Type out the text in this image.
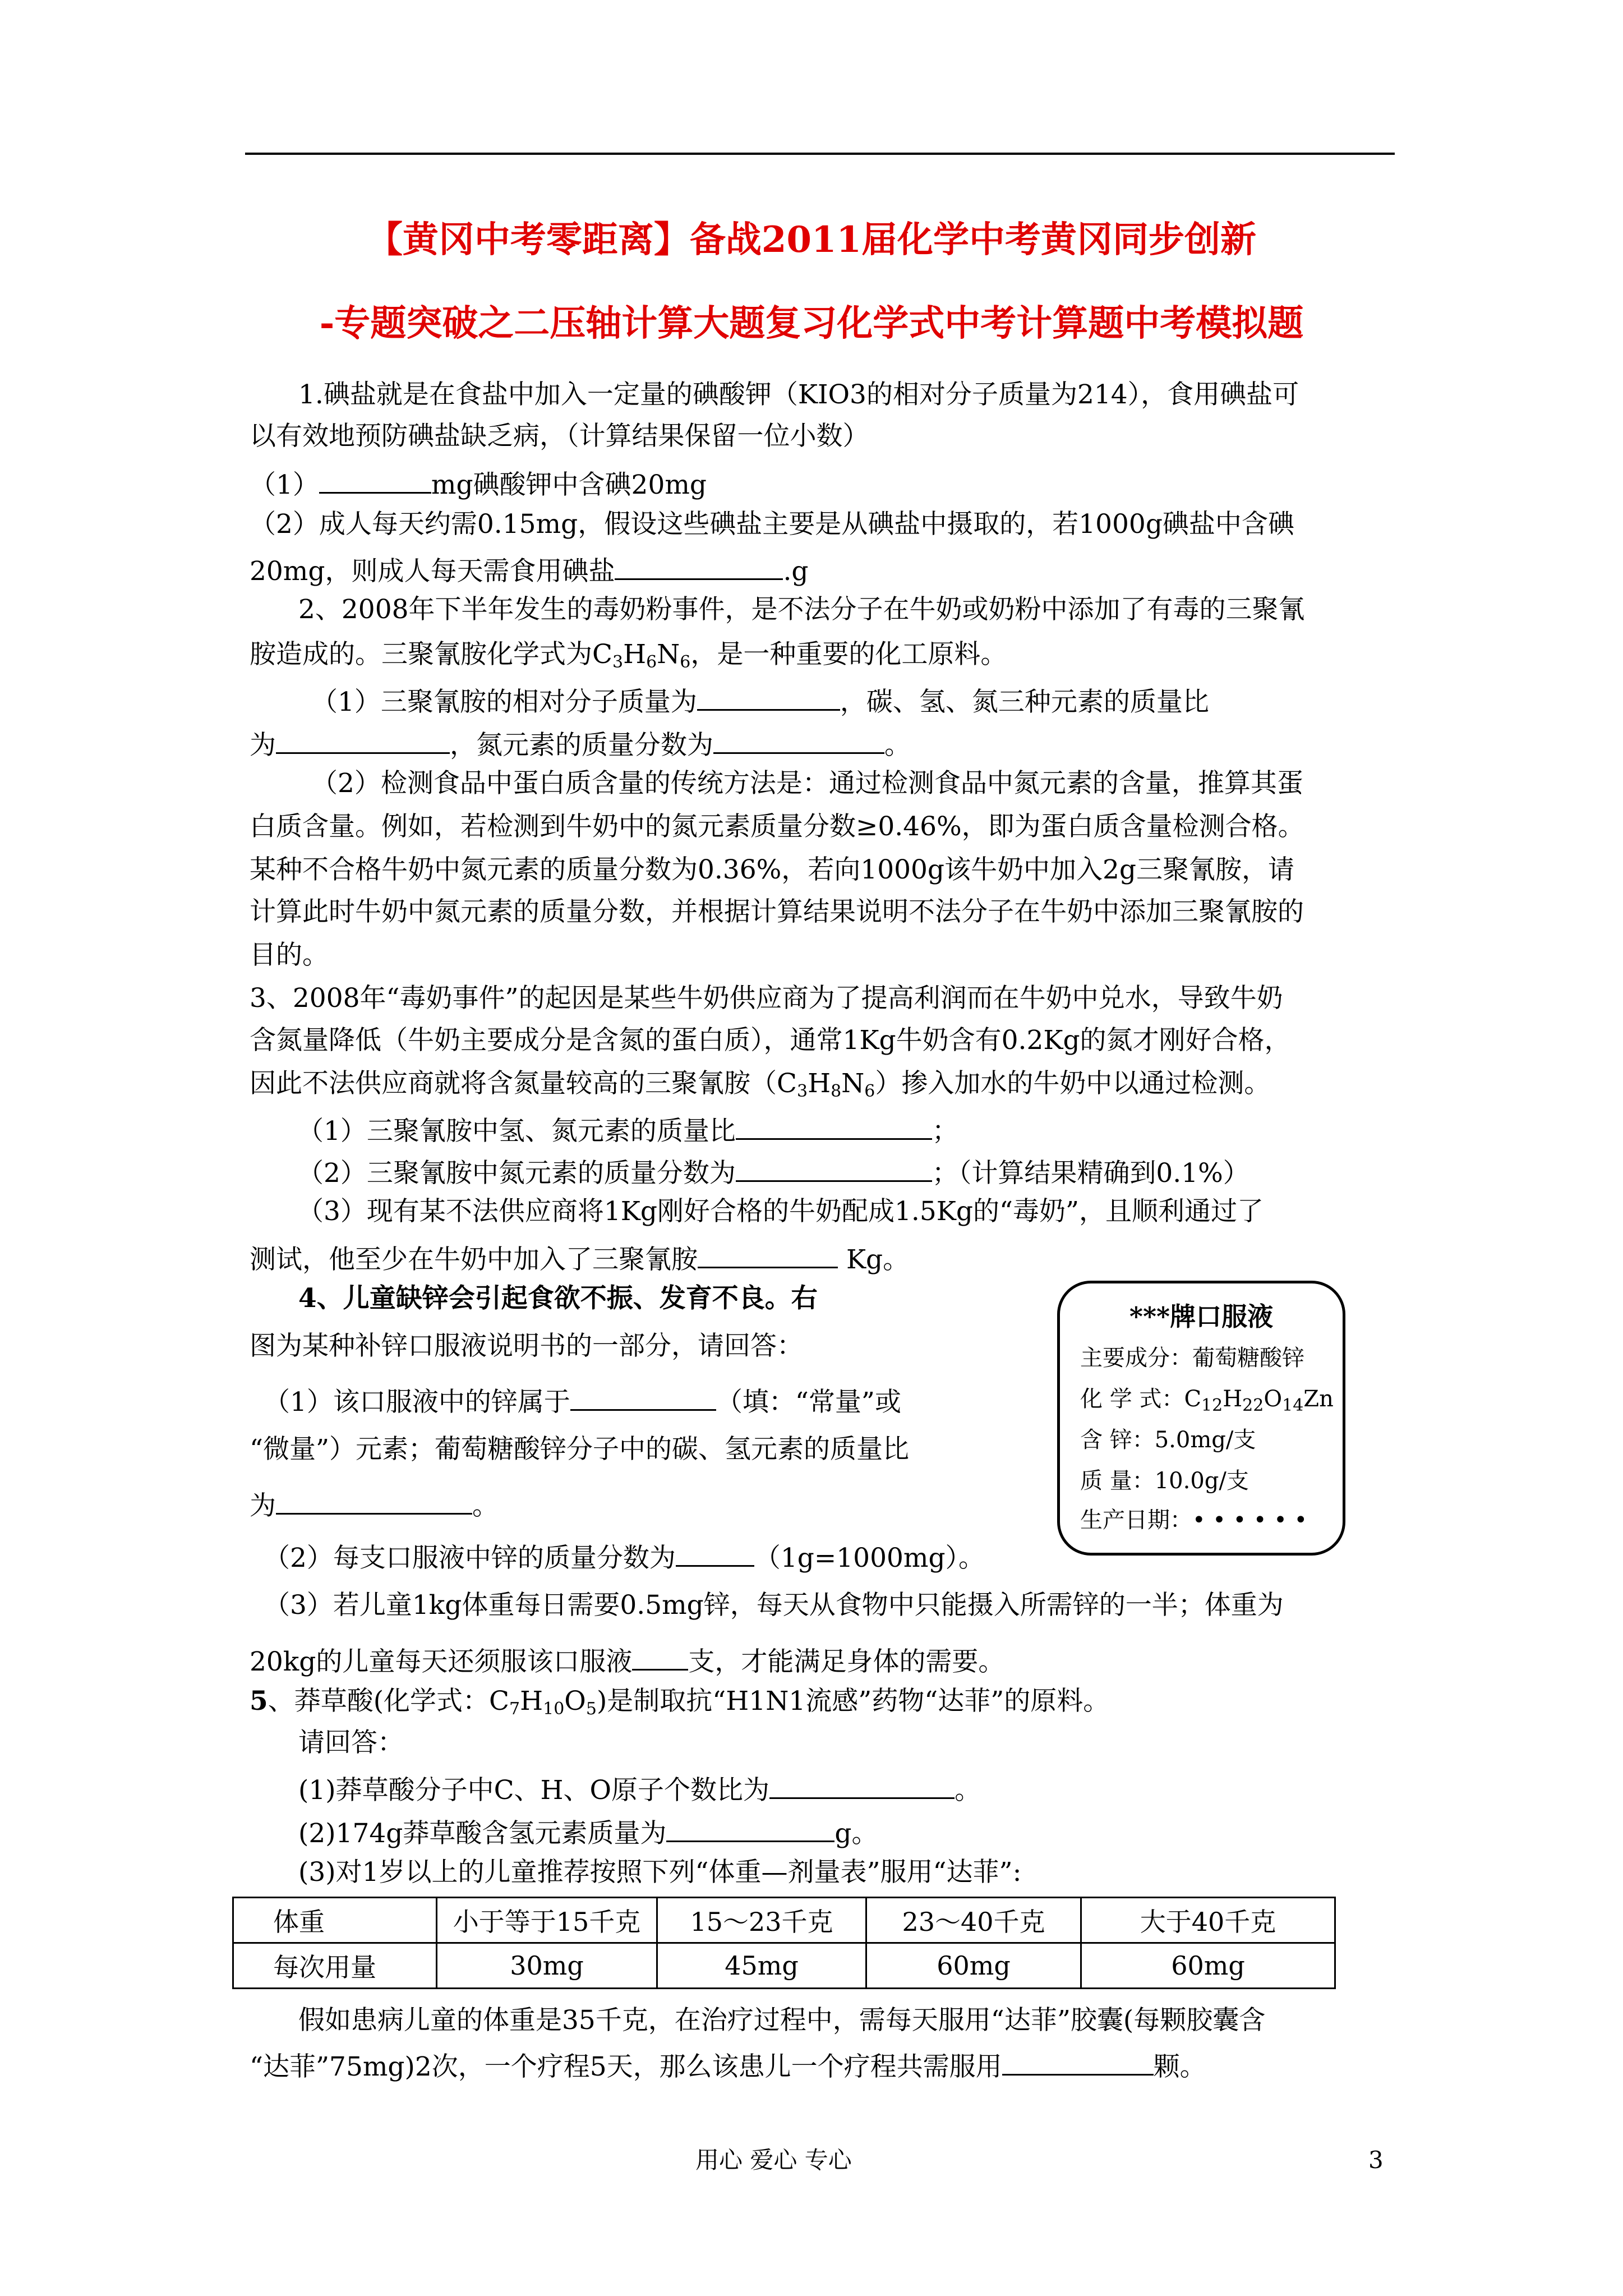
【黄冈中考零距离】备战2011届化学中考黄冈同步创新
-专题突破之二压轴计算大题复习化学式中考计算题中考模拟题
1.碘盐就是在食盐中加入一定量的碘酸钾（KIO3的相对分子质量为214），食用碘盐可
以有效地预防碘盐缺乏病，（计算结果保留一位小数）
（1）	mg碘酸钾中含碘20mg
（2）成人每天约需0.15mg，假设这些碘盐主要是从碘盐中摄取的，若1000g碘盐中含碘
20mg，则成人每天需食用碘盐	.g
2、2008年下半年发生的毒奶粉事件，是不法分子在牛奶或奶粉中添加了有毒的三聚氰
胺造成的。三聚氰胺化学式为$C_3H_6N_6$，是一种重要的化工原料。
（1）三聚氰胺的相对分子质量为	，碳、氢、氮三种元素的质量比
为	，氮元素的质量分数为	。
（2）检测食品中蛋白质含量的传统方法是：通过检测食品中氮元素的含量，推算其蛋
白质含量。例如，若检测到牛奶中的氮元素质量分数≥0.46%，即为蛋白质含量检测合格。
某种不合格牛奶中氮元素的质量分数为0.36%，若向1000g该牛奶中加入2g三聚氰胺，请
计算此时牛奶中氮元素的质量分数，并根据计算结果说明不法分子在牛奶中添加三聚氰胺的
目的。
3、2008年“毒奶事件”的起因是某些牛奶供应商为了提高利润而在牛奶中兑水，导致牛奶
含氮量降低（牛奶主要成分是含氮的蛋白质），通常1Kg牛奶含有0.2Kg的氮才刚好合格，
因此不法供应商就将含氮量较高的三聚氰胺$(C_3H_8N_6)$掺入加水的牛奶中以通过检测。
（1）三聚氰胺中氢、氮元素的质量比	；
（2）三聚氰胺中氮元素的质量分数为	；（计算结果精确到0.1%）
（3）现有某不法供应商将1Kg刚好合格的牛奶配成1.5Kg的“毒奶”，且顺利通过了
测试，他至少在牛奶中加入了三聚氰胺	Kg。
4、儿童缺锌会引起食欲不振、发育不良。右
图为某种补锌口服液说明书的一部分，请回答：
（1）该口服液中的锌属于	（填：“常量”或
“微量”）元素；葡萄糖酸锌分子中的碳、氢元素的质量比
为	。
（2）每支口服液中锌的质量分数为	（1g=1000mg）。
（3）若儿童1kg体重每日需要0.5mg锌，每天从食物中只能摄入所需锌的一半；体重为
20kg的儿童每天还须服该口服液 支，才能满足身体的需要。
***牌口服液
主要成分：葡萄糖酸锌
化 学 式：$C_{12}H_{22}O_{14}Zn$
含 锌：5.0mg/支
质 量：10.0g/支
生产日期：• • • • • •
5、莽草酸(化学式：$C_7H_{10}O_5$)是制取抗“H1N1流感”药物“达菲”的原料。
请回答：
(1)莽草酸分子中C、H、O原子个数比为	。
(2)174g莽草酸含氢元素质量为	g。
(3)对1岁以上的儿童推荐按照下列“体重—剂量表”服用“达菲”:
体重	小于等于15千克	15～23千克	23～40千克	大于40千克
每次用量	30mg	45mg	60mg	60mg
假如患病儿童的体重是35千克，在治疗过程中，需每天服用“达菲”胶囊(每颗胶囊含
“达菲”75mg)2次，一个疗程5天，那么该患儿一个疗程共需服用	颗。
用心 爱心 专心	3
